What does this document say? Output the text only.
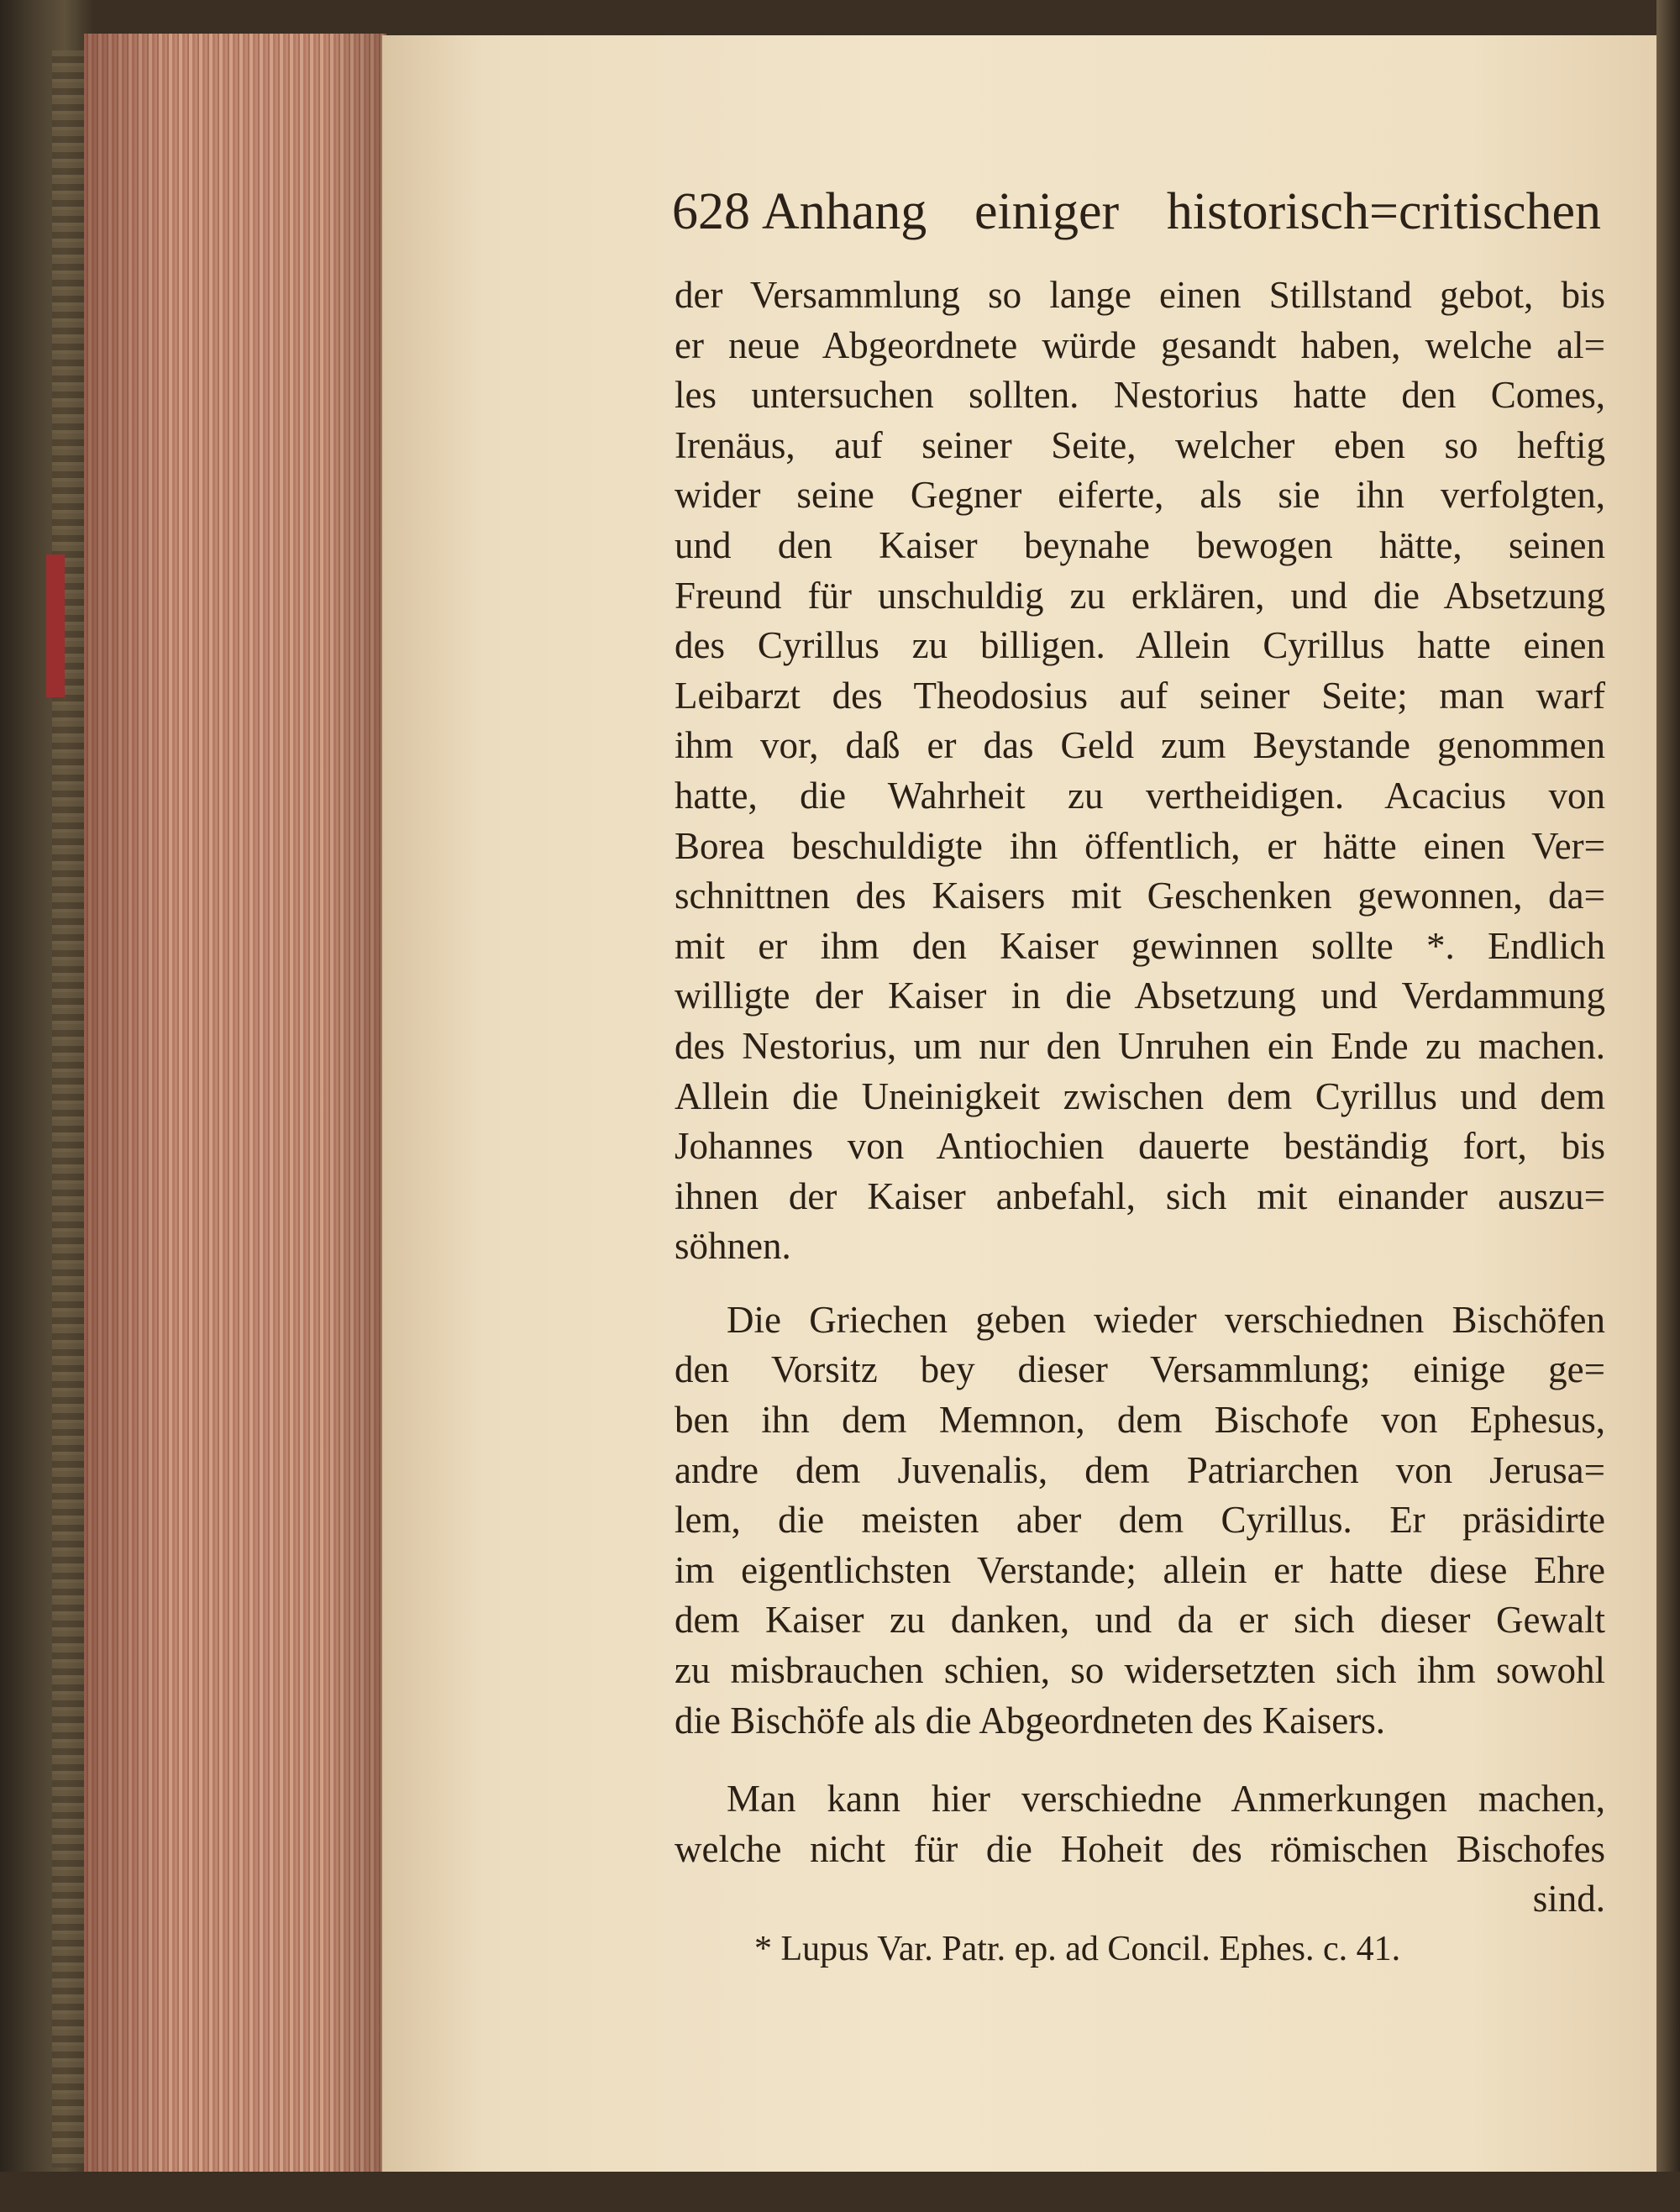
628 Anhang einiger historisch=critischen
der Versammlung so lange einen Stillstand gebot, bis
er neue Abgeordnete würde gesandt haben, welche al=
les untersuchen sollten. Nestorius hatte den Comes,
Irenäus, auf seiner Seite, welcher eben so heftig
wider seine Gegner eiferte, als sie ihn verfolgten,
und den Kaiser beynahe bewogen hätte, seinen
Freund für unschuldig zu erklären, und die Absetzung
des Cyrillus zu billigen. Allein Cyrillus hatte einen
Leibarzt des Theodosius auf seiner Seite; man warf
ihm vor, daß er das Geld zum Beystande genommen
hatte, die Wahrheit zu vertheidigen. Acacius von
Borea beschuldigte ihn öffentlich, er hätte einen Ver=
schnittnen des Kaisers mit Geschenken gewonnen, da=
mit er ihm den Kaiser gewinnen sollte *. Endlich
willigte der Kaiser in die Absetzung und Verdammung
des Nestorius, um nur den Unruhen ein Ende zu machen.
Allein die Uneinigkeit zwischen dem Cyrillus und dem
Johannes von Antiochien dauerte beständig fort, bis
ihnen der Kaiser anbefahl, sich mit einander auszu=
söhnen.
Die Griechen geben wieder verschiednen Bischöfen
den Vorsitz bey dieser Versammlung; einige ge=
ben ihn dem Memnon, dem Bischofe von Ephesus,
andre dem Juvenalis, dem Patriarchen von Jerusa=
lem, die meisten aber dem Cyrillus. Er präsidirte
im eigentlichsten Verstande; allein er hatte diese Ehre
dem Kaiser zu danken, und da er sich dieser Gewalt
zu misbrauchen schien, so widersetzten sich ihm sowohl
die Bischöfe als die Abgeordneten des Kaisers.
Man kann hier verschiedne Anmerkungen machen,
welche nicht für die Hoheit des römischen Bischofes
sind.
* Lupus Var. Patr. ep. ad Concil. Ephes. c. 41.
